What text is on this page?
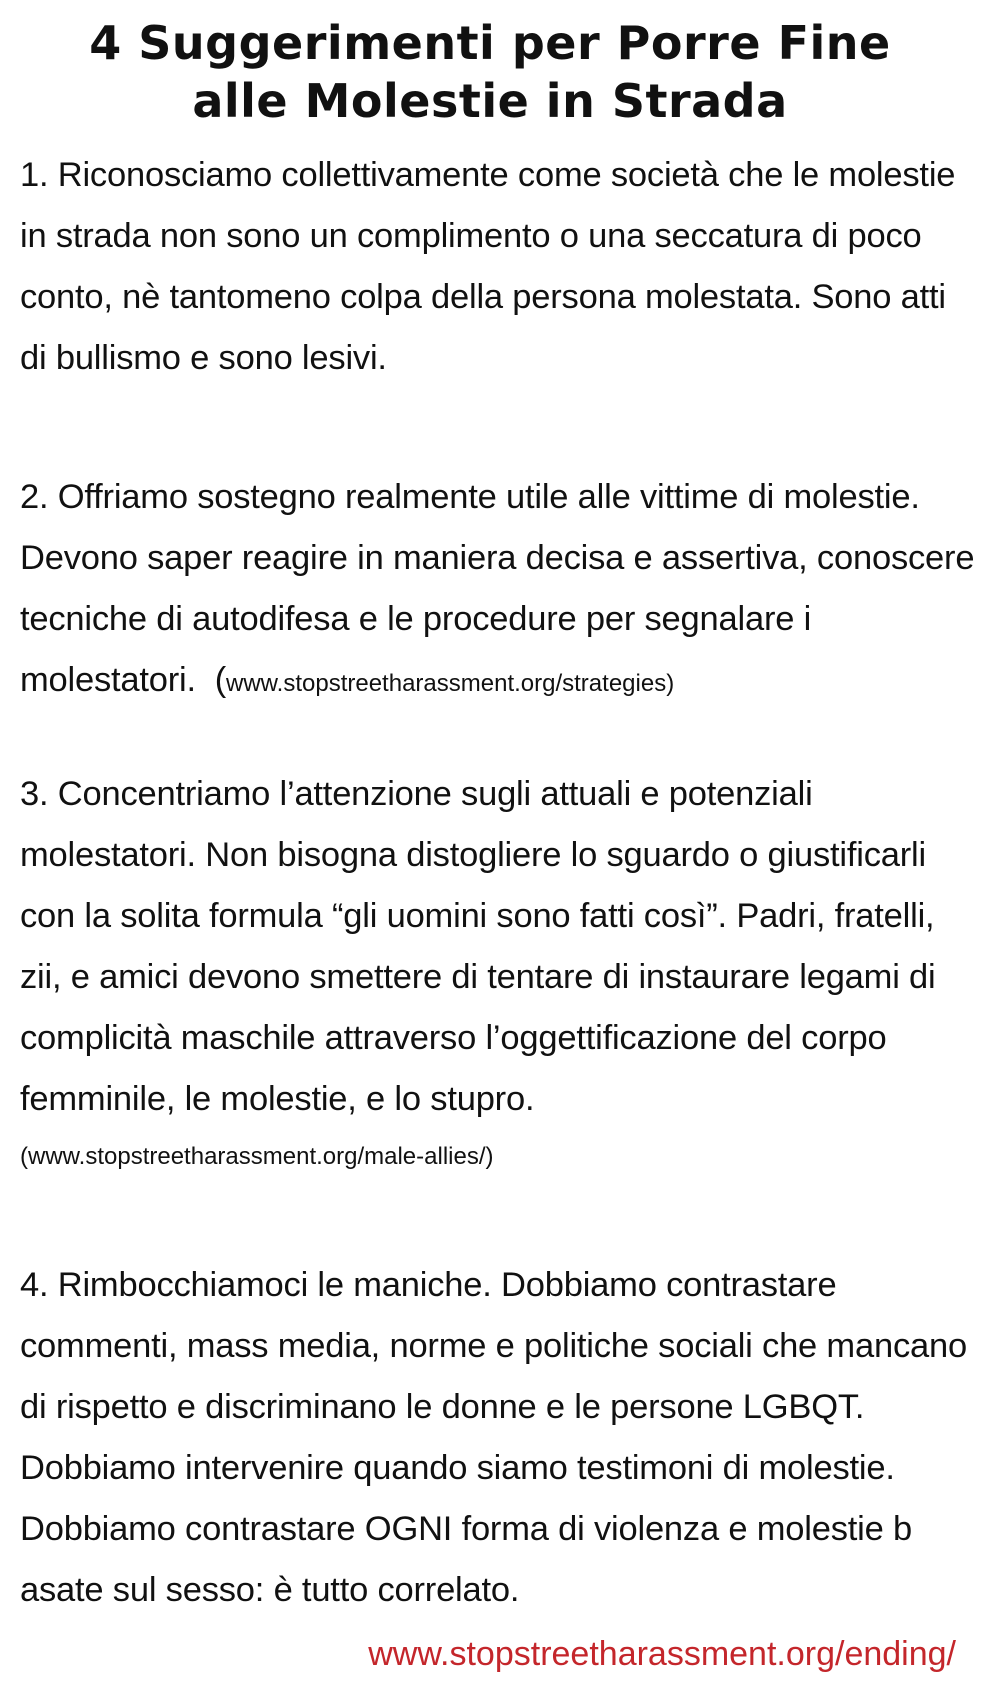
4 Suggerimenti per Porre Fine
alle Molestie in Strada

1. Riconosciamo collettivamente come società che le molestie
in strada non sono un complimento o una seccatura di poco
conto, nè tantomeno colpa della persona molestata. Sono atti
di bullismo e sono lesivi.

2. Offriamo sostegno realmente utile alle vittime di molestie.
Devono saper reagire in maniera decisa e assertiva, conoscere
tecniche di autodifesa e le procedure per segnalare i
molestatori. (www.stopstreetharassment.org/strategies)

3. Concentriamo l’attenzione sugli attuali e potenziali
molestatori. Non bisogna distogliere lo sguardo o giustificarli
con la solita formula “gli uomini sono fatti così”. Padri, fratelli,
zii, e amici devono smettere di tentare di instaurare legami di
complicità maschile attraverso l’oggettificazione del corpo
femminile, le molestie, e lo stupro.

(www.stopstreetharassment.org/male-allies/)

4. Rimbocchiamoci le maniche. Dobbiamo contrastare
commenti, mass media, norme e politiche sociali che mancano
di rispetto e discriminano le donne e le persone LGBQT.
Dobbiamo intervenire quando siamo testimoni di molestie.
Dobbiamo contrastare OGNI forma di violenza e molestie b
asate sul sesso: è tutto correlato.

www.stopstreetharassment.org/ending/
